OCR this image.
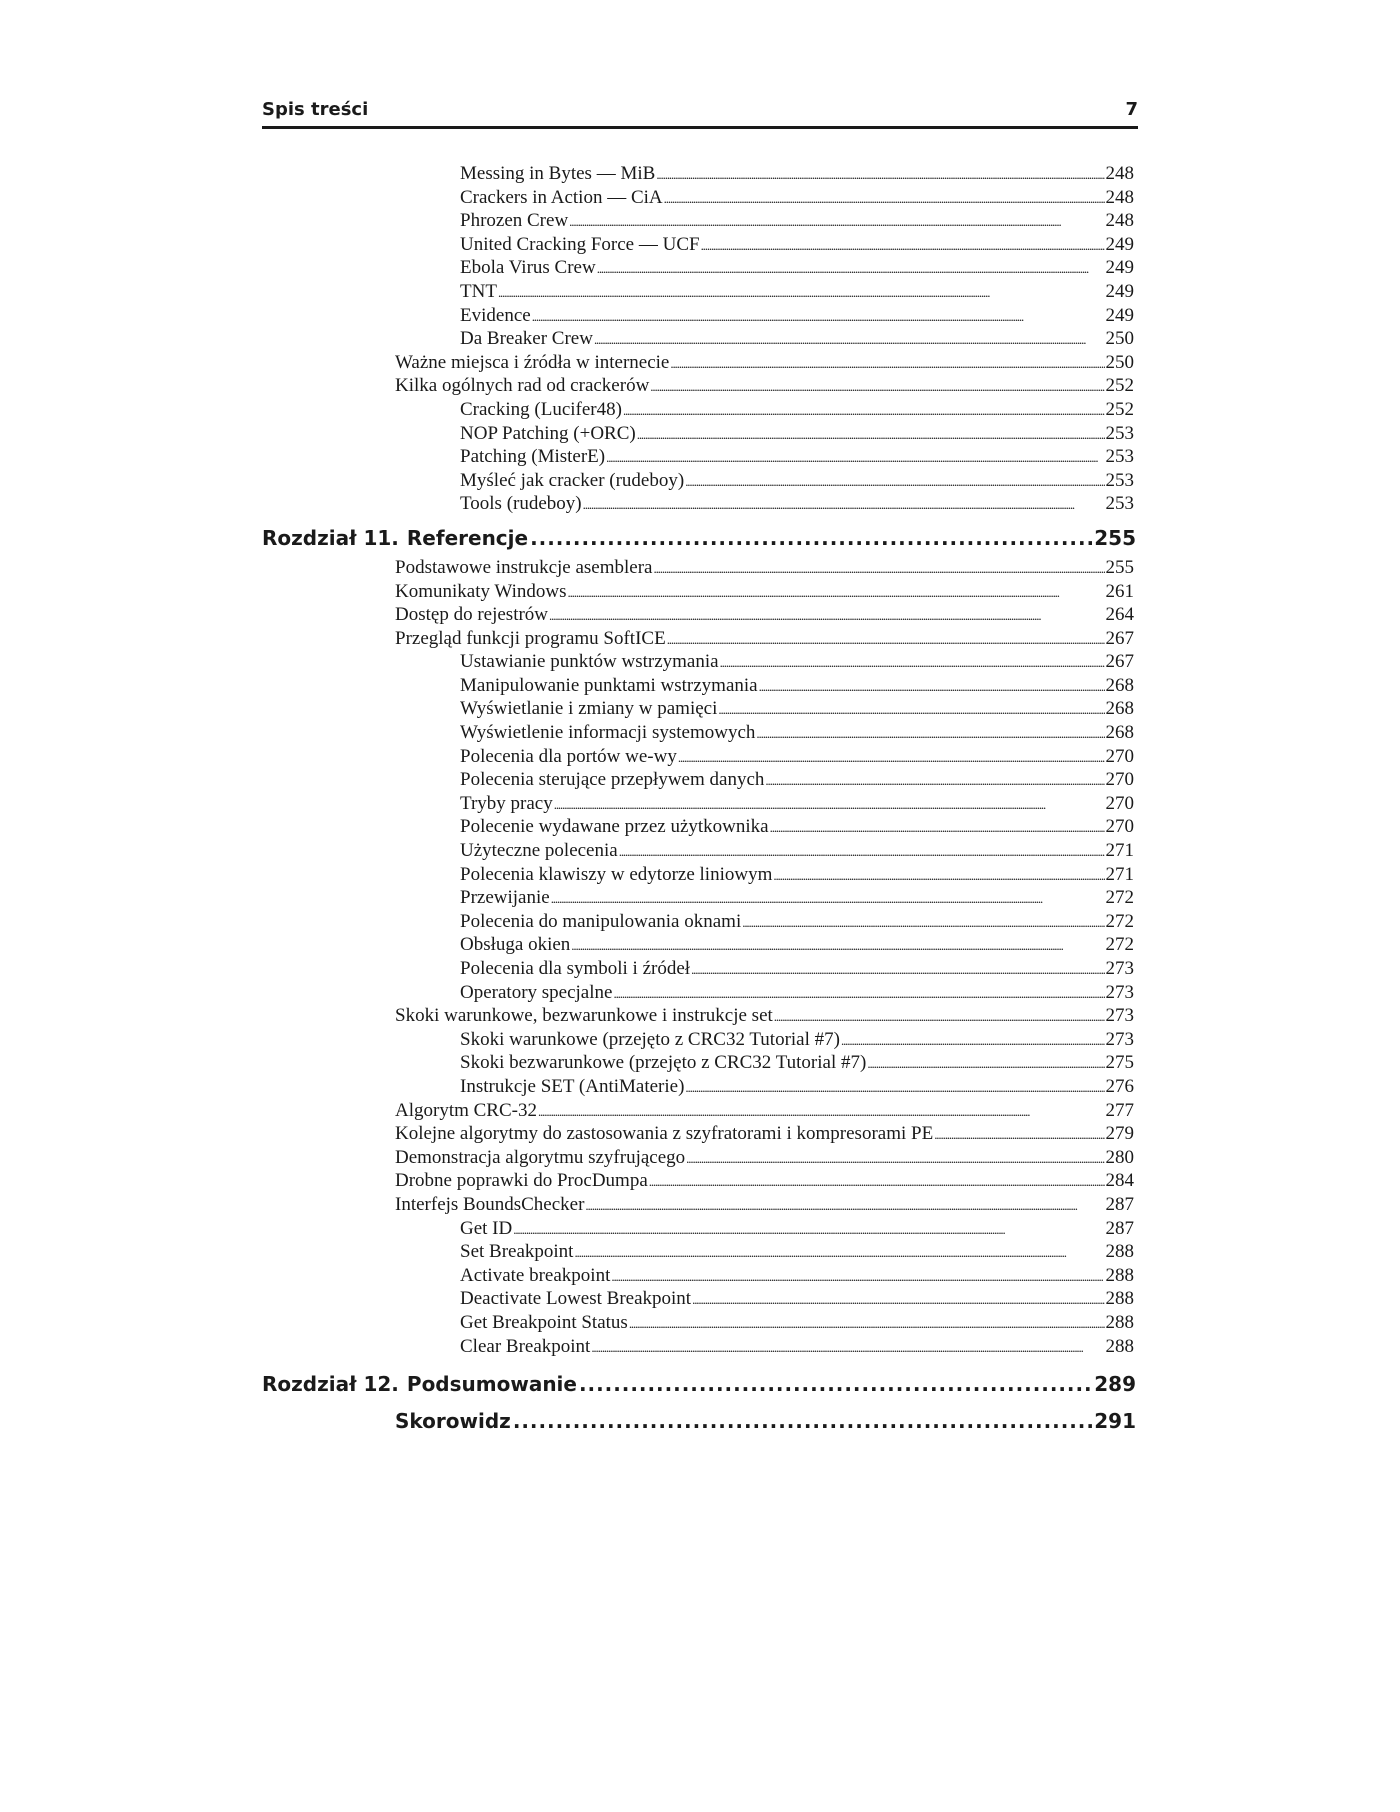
Spis treści	7
Messing in Bytes — MiB . . .	248
Crackers in Action — CiA . . .	248
Phrozen Crew . . .	248
United Cracking Force — UCF . . .	249
Ebola Virus Crew . . .	249
TNT . . .	249
Evidence . . .	249
Da Breaker Crew . . .	250
Ważne miejsca i źródła w internecie . . .	250
Kilka ogólnych rad od crackerów . . .	252
Cracking (Lucifer48) . . .	252
NOP Patching (+ORC) . . .	253
Patching (MisterE) . . .	253
Myśleć jak cracker (rudeboy) . . .	253
Tools (rudeboy) . . .	253
Rozdział 11. Referencje . . .	255
Podstawowe instrukcje asemblera . . .	255
Komunikaty Windows . . .	261
Dostęp do rejestrów . . .	264
Przegląd funkcji programu SoftICE . . .	267
Ustawianie punktów wstrzymania . . .	267
Manipulowanie punktami wstrzymania . . .	268
Wyświetlanie i zmiany w pamięci . . .	268
Wyświetlenie informacji systemowych . . .	268
Polecenia dla portów we-wy . . .	270
Polecenia sterujące przepływem danych . . .	270
Tryby pracy . . .	270
Polecenie wydawane przez użytkownika . . .	270
Użyteczne polecenia . . .	271
Polecenia klawiszy w edytorze liniowym . . .	271
Przewijanie . . .	272
Polecenia do manipulowania oknami . . .	272
Obsługa okien . . .	272
Polecenia dla symboli i źródeł . . .	273
Operatory specjalne . . .	273
Skoki warunkowe, bezwarunkowe i instrukcje set . . .	273
Skoki warunkowe (przejęto z CRC32 Tutorial #7) . . .	273
Skoki bezwarunkowe (przejęto z CRC32 Tutorial #7) . . .	275
Instrukcje SET (AntiMaterie) . . .	276
Algorytm CRC-32 . . .	277
Kolejne algorytmy do zastosowania z szyfratorami i kompresorami PE . . .	279
Demonstracja algorytmu szyfrującego . . .	280
Drobne poprawki do ProcDumpa . . .	284
Interfejs BoundsChecker . . .	287
Get ID . . .	287
Set Breakpoint . . .	288
Activate breakpoint . . .	288
Deactivate Lowest Breakpoint . . .	288
Get Breakpoint Status . . .	288
Clear Breakpoint . . .	288
Rozdział 12. Podsumowanie . . .	289
Skorowidz . . .	291
